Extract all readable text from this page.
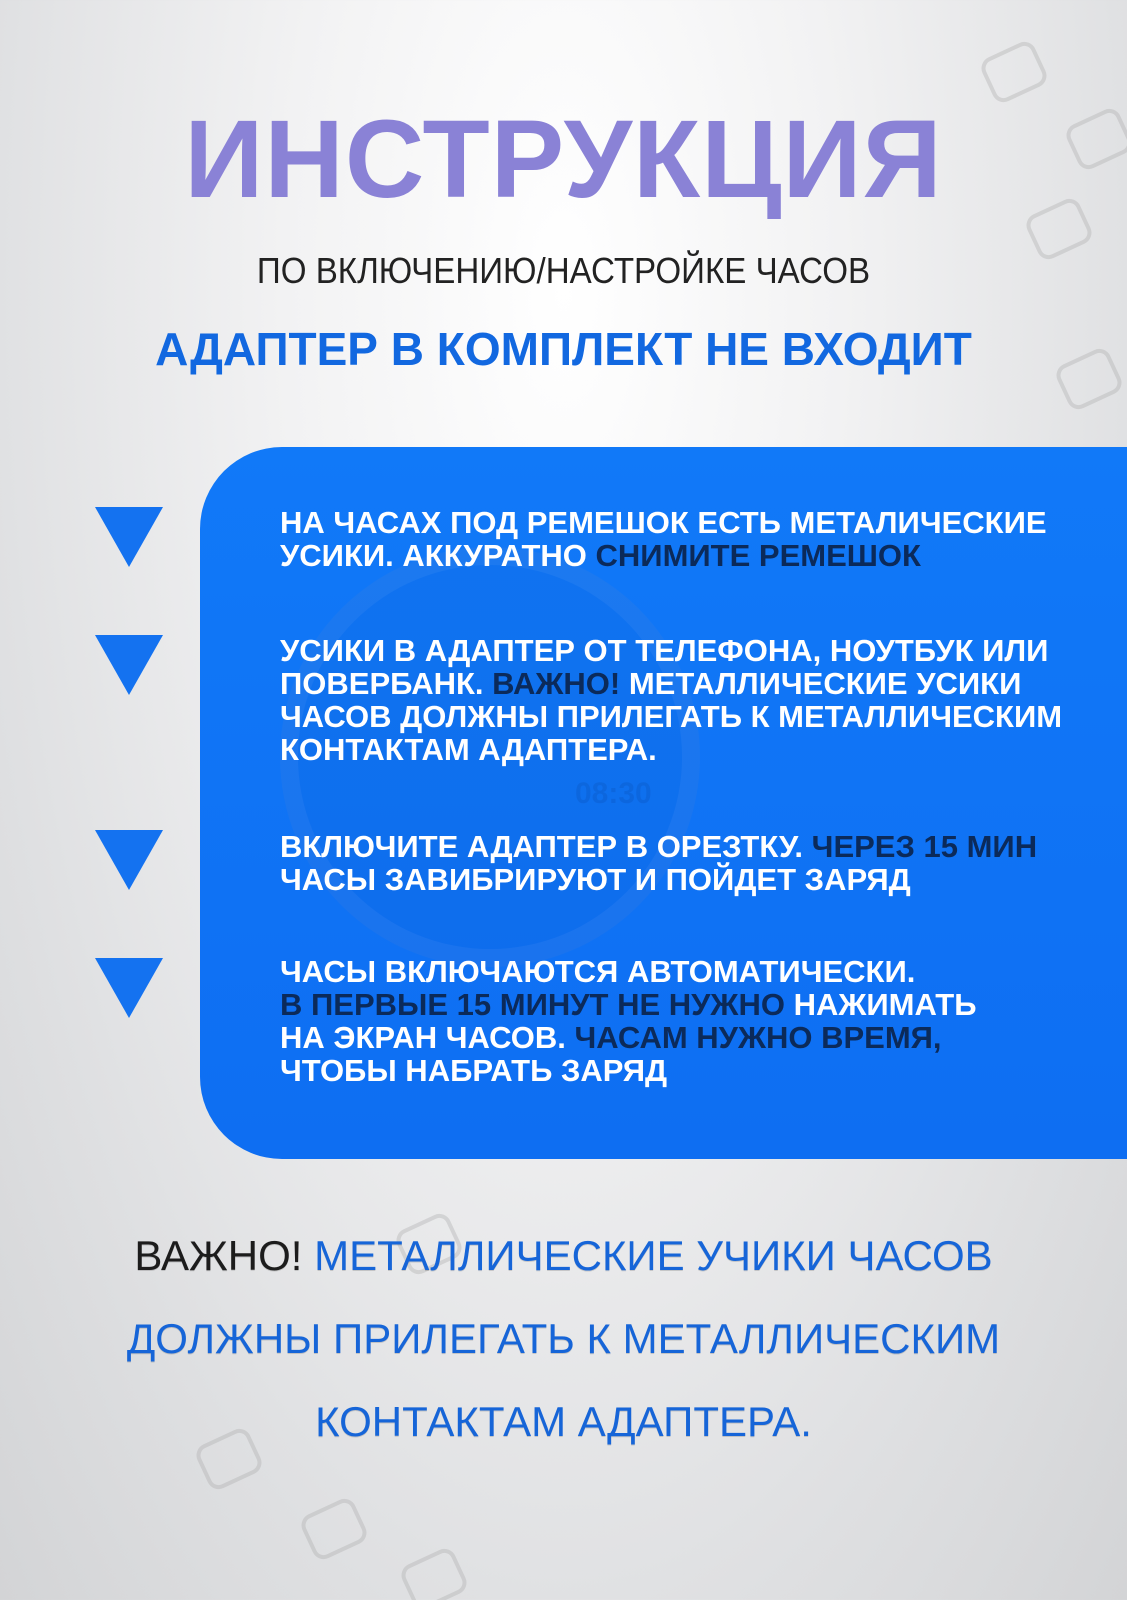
ИНСТРУКЦИЯ
ПО ВКЛЮЧЕНИЮ/НАСТРОЙКЕ ЧАСОВ
АДАПТЕР В КОМПЛЕКТ НЕ ВХОДИТ
08:30
НА ЧАСАХ ПОД РЕМЕШОК ЕСТЬ МЕТАЛИЧЕСКИЕ
УСИКИ. АККУРАТНО СНИМИТЕ РЕМЕШОК
УСИКИ В АДАПТЕР ОТ ТЕЛЕФОНА, НОУТБУК ИЛИ
ПОВЕРБАНК. ВАЖНО! МЕТАЛЛИЧЕСКИЕ УСИКИ
ЧАСОВ ДОЛЖНЫ ПРИЛЕГАТЬ К МЕТАЛЛИЧЕСКИМ
КОНТАКТАМ АДАПТЕРА.
ВКЛЮЧИТЕ АДАПТЕР В ОРЕЗТКУ. ЧЕРЕЗ 15 МИН
ЧАСЫ ЗАВИБРИРУЮТ И ПОЙДЕТ ЗАРЯД
ЧАСЫ ВКЛЮЧАЮТСЯ АВТОМАТИЧЕСКИ.
В ПЕРВЫЕ 15 МИНУТ НЕ НУЖНО НАЖИМАТЬ
НА ЭКРАН ЧАСОВ. ЧАСАМ НУЖНО ВРЕМЯ,
ЧТОБЫ НАБРАТЬ ЗАРЯД
ВАЖНО! МЕТАЛЛИЧЕСКИЕ УЧИКИ ЧАСОВ
ДОЛЖНЫ ПРИЛЕГАТЬ К МЕТАЛЛИЧЕСКИМ
КОНТАКТАМ АДАПТЕРА.
